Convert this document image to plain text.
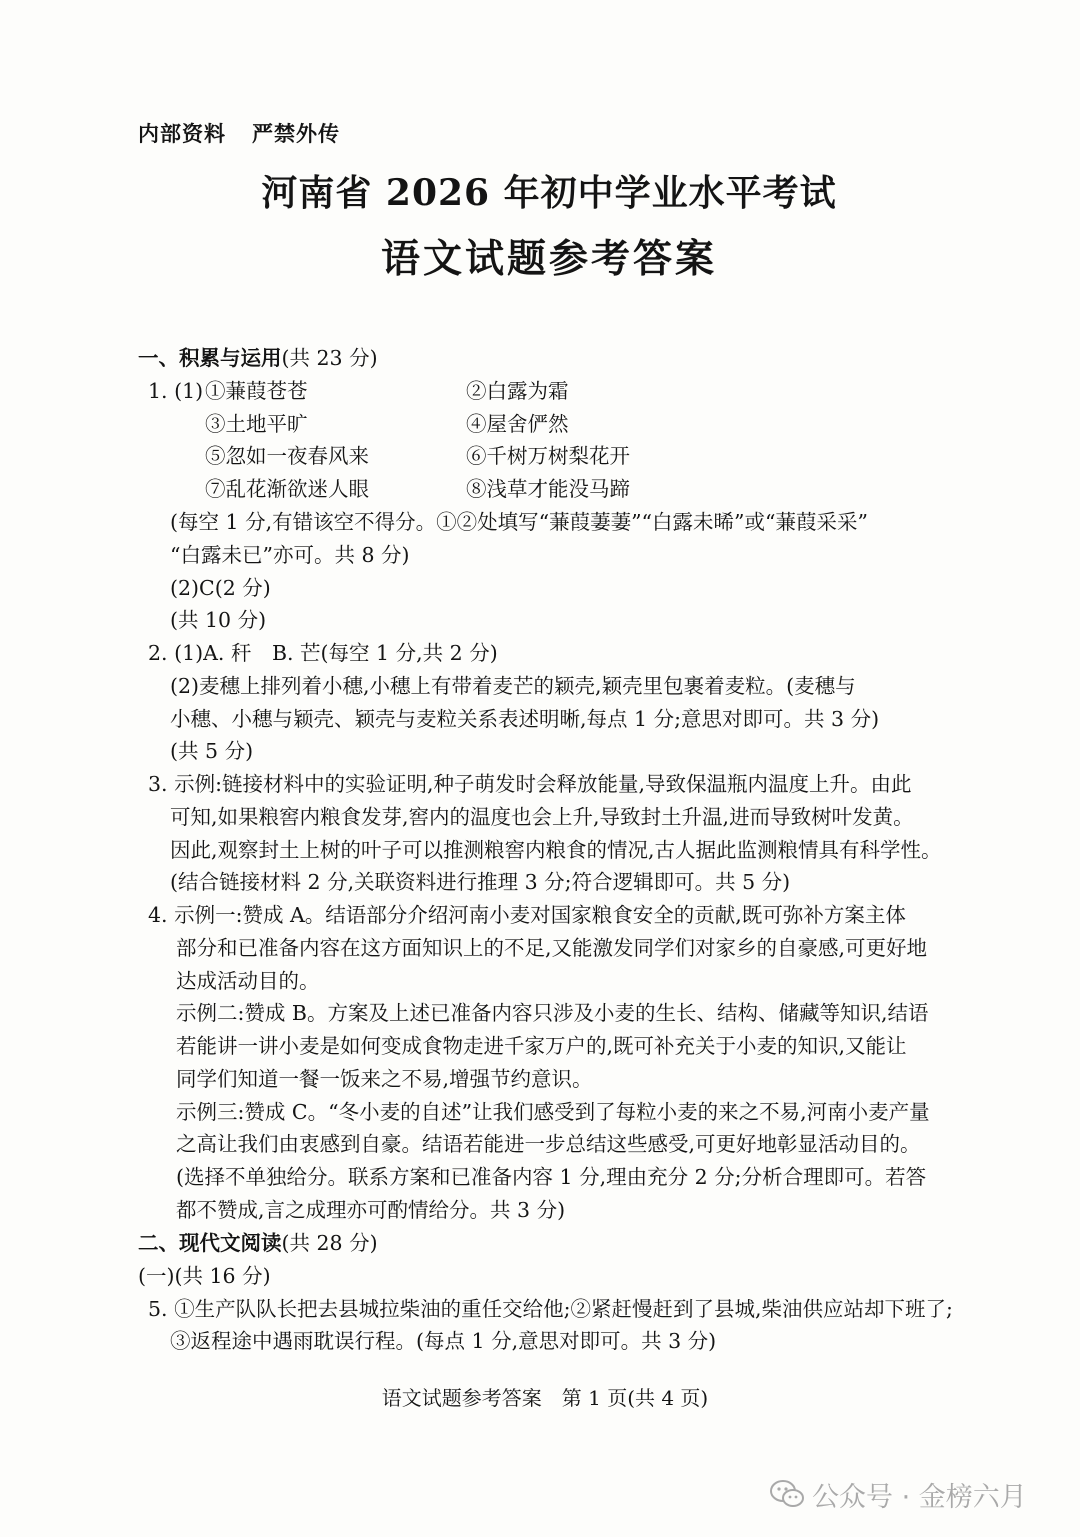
内部资料 严禁外传
河南省 2026 年初中学业水平考试
语文试题参考答案
一、积累与运用(共 23 分)
1. (1) ①蒹葭苍苍	②白露为霜
③土地平旷	④屋舍俨然
⑤忽如一夜春风来	⑥千树万树梨花开
⑦乱花渐欲迷人眼	⑧浅草才能没马蹄
(每空 1 分,有错该空不得分。①②处填写“蒹葭萋萋”“白露未晞”或“蒹葭采采”
“白露未已”亦可。共 8 分)
(2)C(2 分)
(共 10 分)
2. (1)A. 秆　B. 芒(每空 1 分,共 2 分)
(2)麦穗上排列着小穗,小穗上有带着麦芒的颖壳,颖壳里包裹着麦粒。(麦穗与
小穗、小穗与颖壳、颖壳与麦粒关系表述明晰,每点 1 分;意思对即可。共 3 分)
(共 5 分)
3. 示例:链接材料中的实验证明,种子萌发时会释放能量,导致保温瓶内温度上升。由此
可知,如果粮窖内粮食发芽,窖内的温度也会上升,导致封土升温,进而导致树叶发黄。
因此,观察封土上树的叶子可以推测粮窖内粮食的情况,古人据此监测粮情具有科学性。
(结合链接材料 2 分,关联资料进行推理 3 分;符合逻辑即可。共 5 分)
4. 示例一:赞成 A。结语部分介绍河南小麦对国家粮食安全的贡献,既可弥补方案主体
部分和已准备内容在这方面知识上的不足,又能激发同学们对家乡的自豪感,可更好地
达成活动目的。
示例二:赞成 B。方案及上述已准备内容只涉及小麦的生长、结构、储藏等知识,结语
若能讲一讲小麦是如何变成食物走进千家万户的,既可补充关于小麦的知识,又能让
同学们知道一餐一饭来之不易,增强节约意识。
示例三:赞成 C。“冬小麦的自述”让我们感受到了每粒小麦的来之不易,河南小麦产量
之高让我们由衷感到自豪。结语若能进一步总结这些感受,可更好地彰显活动目的。
(选择不单独给分。联系方案和已准备内容 1 分,理由充分 2 分;分析合理即可。若答
都不赞成,言之成理亦可酌情给分。共 3 分)
二、现代文阅读(共 28 分)
(一)(共 16 分)
5. ①生产队队长把去县城拉柴油的重任交给他;②紧赶慢赶到了县城,柴油供应站却下班了;
③返程途中遇雨耽误行程。(每点 1 分,意思对即可。共 3 分)
语文试题参考答案　第 1 页(共 4 页)
公众号 · 金榜六月
